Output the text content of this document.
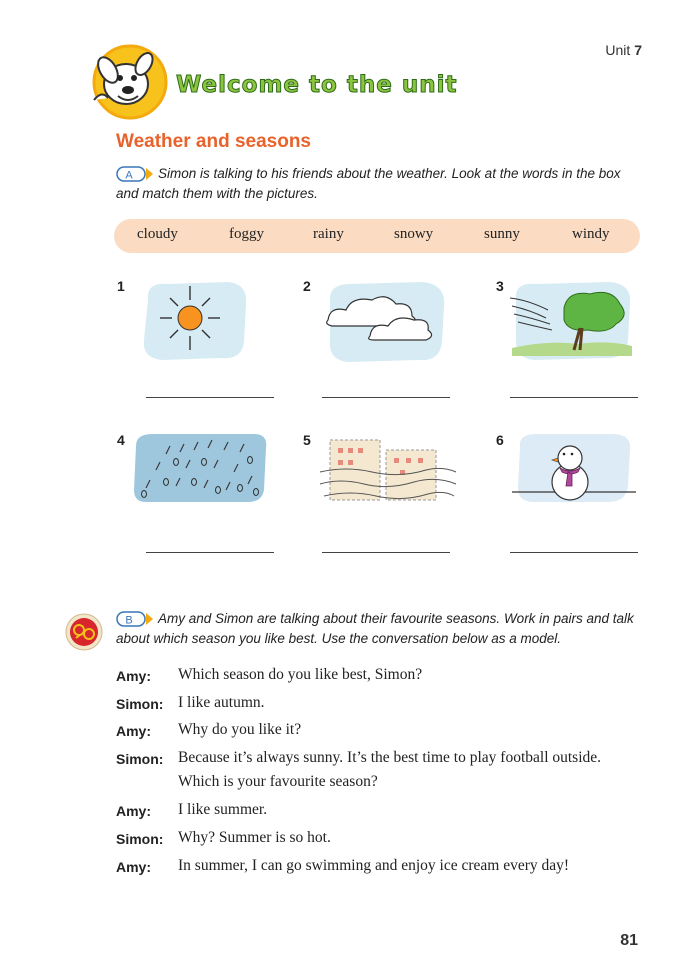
Unit 7
Welcome to the unit
Weather and seasons
A Simon is talking to his friends about the weather. Look at the words in the box and match them with the pictures.
cloudy	foggy	rainy	snowy	sunny	windy
1	2	3
4	5	6
B Amy and Simon are talking about their favourite seasons. Work in pairs and talk about which season you like best. Use the conversation below as a model.
Amy: Which season do you like best, Simon?
Simon: I like autumn.
Amy: Why do you like it?
Simon: Because it’s always sunny. It’s the best time to play football outside.
Which is your favourite season?
Amy: I like summer.
Simon: Why? Summer is so hot.
Amy: In summer, I can go swimming and enjoy ice cream every day!
81
